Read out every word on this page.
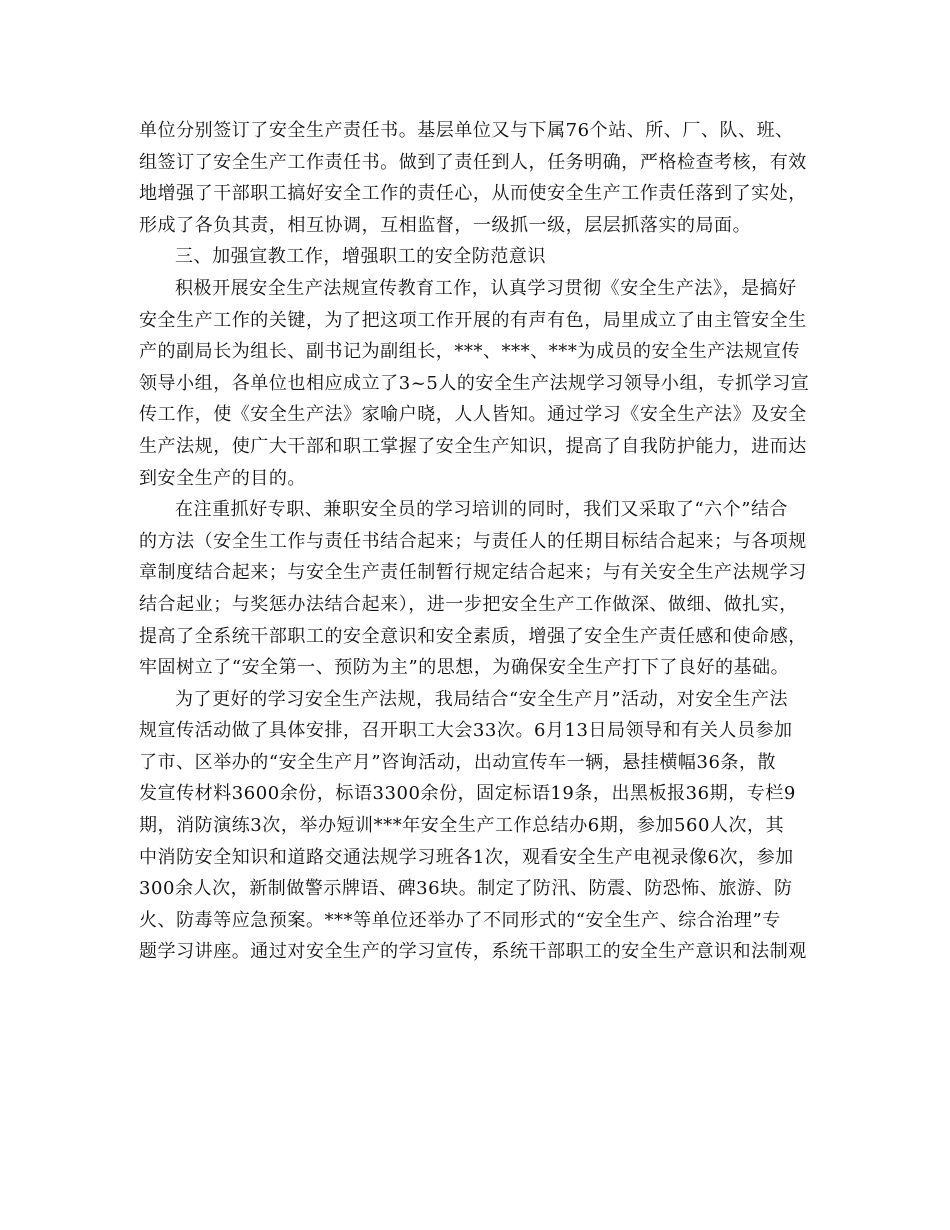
单位分别签订了安全生产责任书。基层单位又与下属76个站、所、厂、队、班、
组签订了安全生产工作责任书。做到了责任到人，任务明确，严格检查考核，有效
地增强了干部职工搞好安全工作的责任心，从而使安全生产工作责任落到了实处，
形成了各负其责，相互协调，互相监督，一级抓一级，层层抓落实的局面。
三、加强宣教工作，增强职工的安全防范意识
积极开展安全生产法规宣传教育工作，认真学习贯彻《安全生产法》，是搞好
安全生产工作的关键，为了把这项工作开展的有声有色，局里成立了由主管安全生
产的副局长为组长、副书记为副组长，***、***、***为成员的安全生产法规宣传
领导小组，各单位也相应成立了3~5人的安全生产法规学习领导小组，专抓学习宣
传工作，使《安全生产法》家喻户晓，人人皆知。通过学习《安全生产法》及安全
生产法规，使广大干部和职工掌握了安全生产知识，提高了自我防护能力，进而达
到安全生产的目的。
在注重抓好专职、兼职安全员的学习培训的同时，我们又采取了“六个”结合
的方法（安全生工作与责任书结合起来；与责任人的任期目标结合起来；与各项规
章制度结合起来；与安全生产责任制暂行规定结合起来；与有关安全生产法规学习
结合起业；与奖惩办法结合起来），进一步把安全生产工作做深、做细、做扎实，
提高了全系统干部职工的安全意识和安全素质，增强了安全生产责任感和使命感，
牢固树立了“安全第一、预防为主”的思想，为确保安全生产打下了良好的基础。
为了更好的学习安全生产法规，我局结合“安全生产月”活动，对安全生产法
规宣传活动做了具体安排，召开职工大会33次。6月13日局领导和有关人员参加
了市、区举办的“安全生产月”咨询活动，出动宣传车一辆，悬挂横幅36条，散
发宣传材料3600余份，标语3300余份，固定标语19条，出黑板报36期，专栏9
期，消防演练3次，举办短训***年安全生产工作总结办6期，参加560人次，其
中消防安全知识和道路交通法规学习班各1次，观看安全生产电视录像6次，参加
300余人次，新制做警示牌语、碑36块。制定了防汛、防震、防恐怖、旅游、防
火、防毒等应急预案。***等单位还举办了不同形式的“安全生产、综合治理”专
题学习讲座。通过对安全生产的学习宣传，系统干部职工的安全生产意识和法制观
